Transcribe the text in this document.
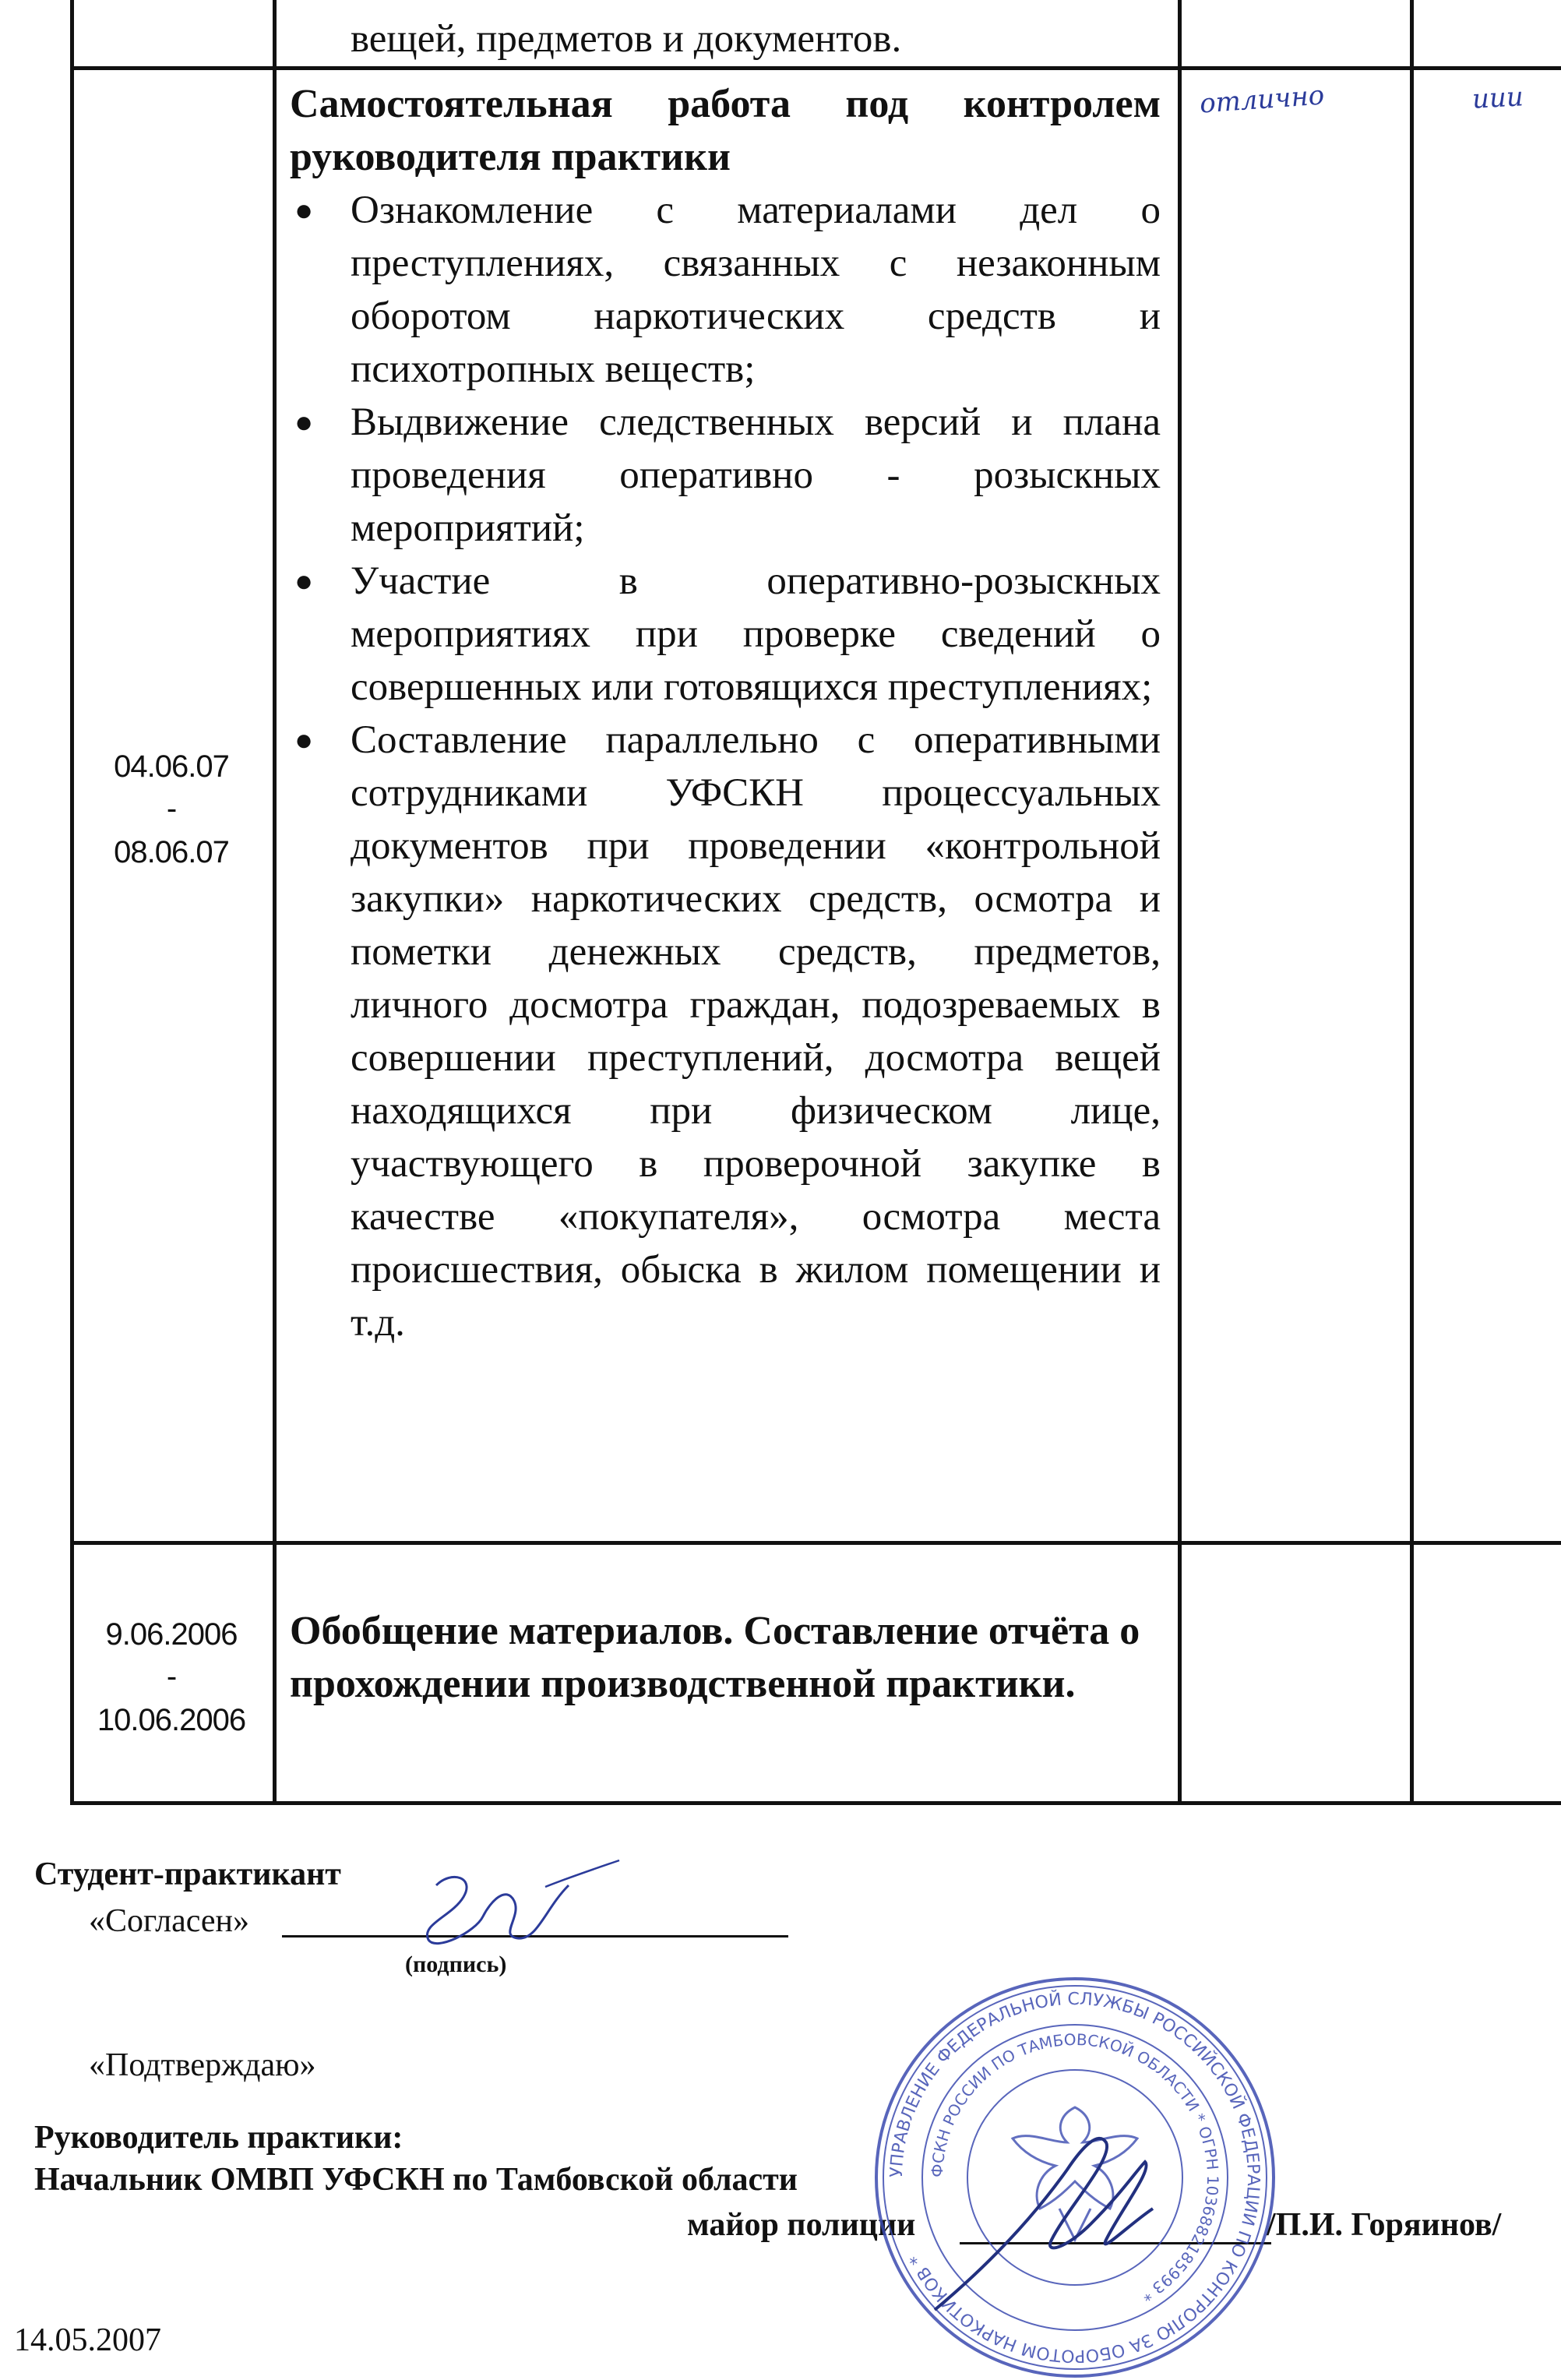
вещей, предметов и документов.
04.06.07
-
08.06.07
Самостоятельная работа под контролем руководителя практики
● Ознакомление с материалами дел о преступлениях, связанных с незаконным оборотом наркотических средств и психотропных веществ;
● Выдвижение следственных версий и плана проведения оперативно - розыскных мероприятий;
● Участие в оперативно-розыскных мероприятиях при проверке сведений о совершенных или готовящихся преступлениях;
● Составление параллельно с оперативными сотрудниками УФСКН процессуальных документов при проведении «контрольной закупки» наркотических средств, осмотра и пометки денежных средств, предметов, личного досмотра граждан, подозреваемых в совершении преступлений, досмотра вещей находящихся при физическом лице, участвующего в проверочной закупке в качестве «покупателя», осмотра места происшествия, обыска в жилом помещении и т.д.
отлично	иии
9.06.2006
-
10.06.2006
Обобщение материалов. Составление отчёта о прохождении производственной практики.
Студент-практикант
«Согласен»
(подпись)
«Подтверждаю»
Руководитель практики:
Начальник ОМВП УФСКН по Тамбовской области
майор полиции	/П.И. Горяинов/
14.05.2007
УПРАВЛЕНИЕ ФЕДЕРАЛЬНОЙ СЛУЖБЫ РОССИЙСКОЙ ФЕДЕРАЦИИ ПО КОНТРОЛЮ ЗА ОБОРОТОМ НАРКОТИКОВ *
ФСКН РОССИИ ПО ТАМБОВСКОЙ ОБЛАСТИ * ОГРН 1036882185993 *
